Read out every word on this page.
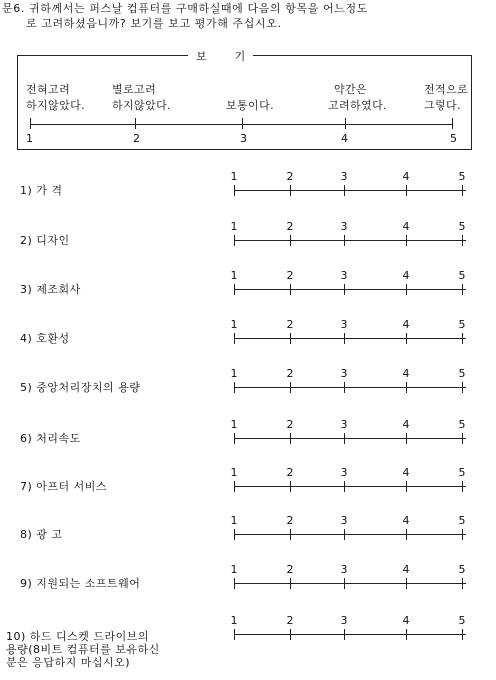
문6. 귀하께서는 퍼스날 컴퓨터를 구매하실때에 다음의 항목을 어느정도
로 고려하셨읍니까? 보기를 보고 평가해 주십시오.
보        기
전혀고려
하지않았다.
별로고려
하지않았다.
	보통이다.
약간은
고려하였다.
전적으로
그렇다.
1	2	3	4	5
1) 가 격
1	2	3	4	5
2) 디자인
1	2	3	4	5
3) 제조회사
1	2	3	4	5
4) 호환성
1	2	3	4	5
5) 중앙처리장치의 용량
1	2	3	4	5
6) 처리속도
1	2	3	4	5
7) 아프터 서비스
1	2	3	4	5
8) 광 고
1	2	3	4	5
9) 지원되는 소프트웨어
1	2	3	4	5
10) 하드 디스켓 드라이브의
용량(8비트 컴퓨터를 보유하신
분은 응답하지 마십시오)
1	2	3	4	5
